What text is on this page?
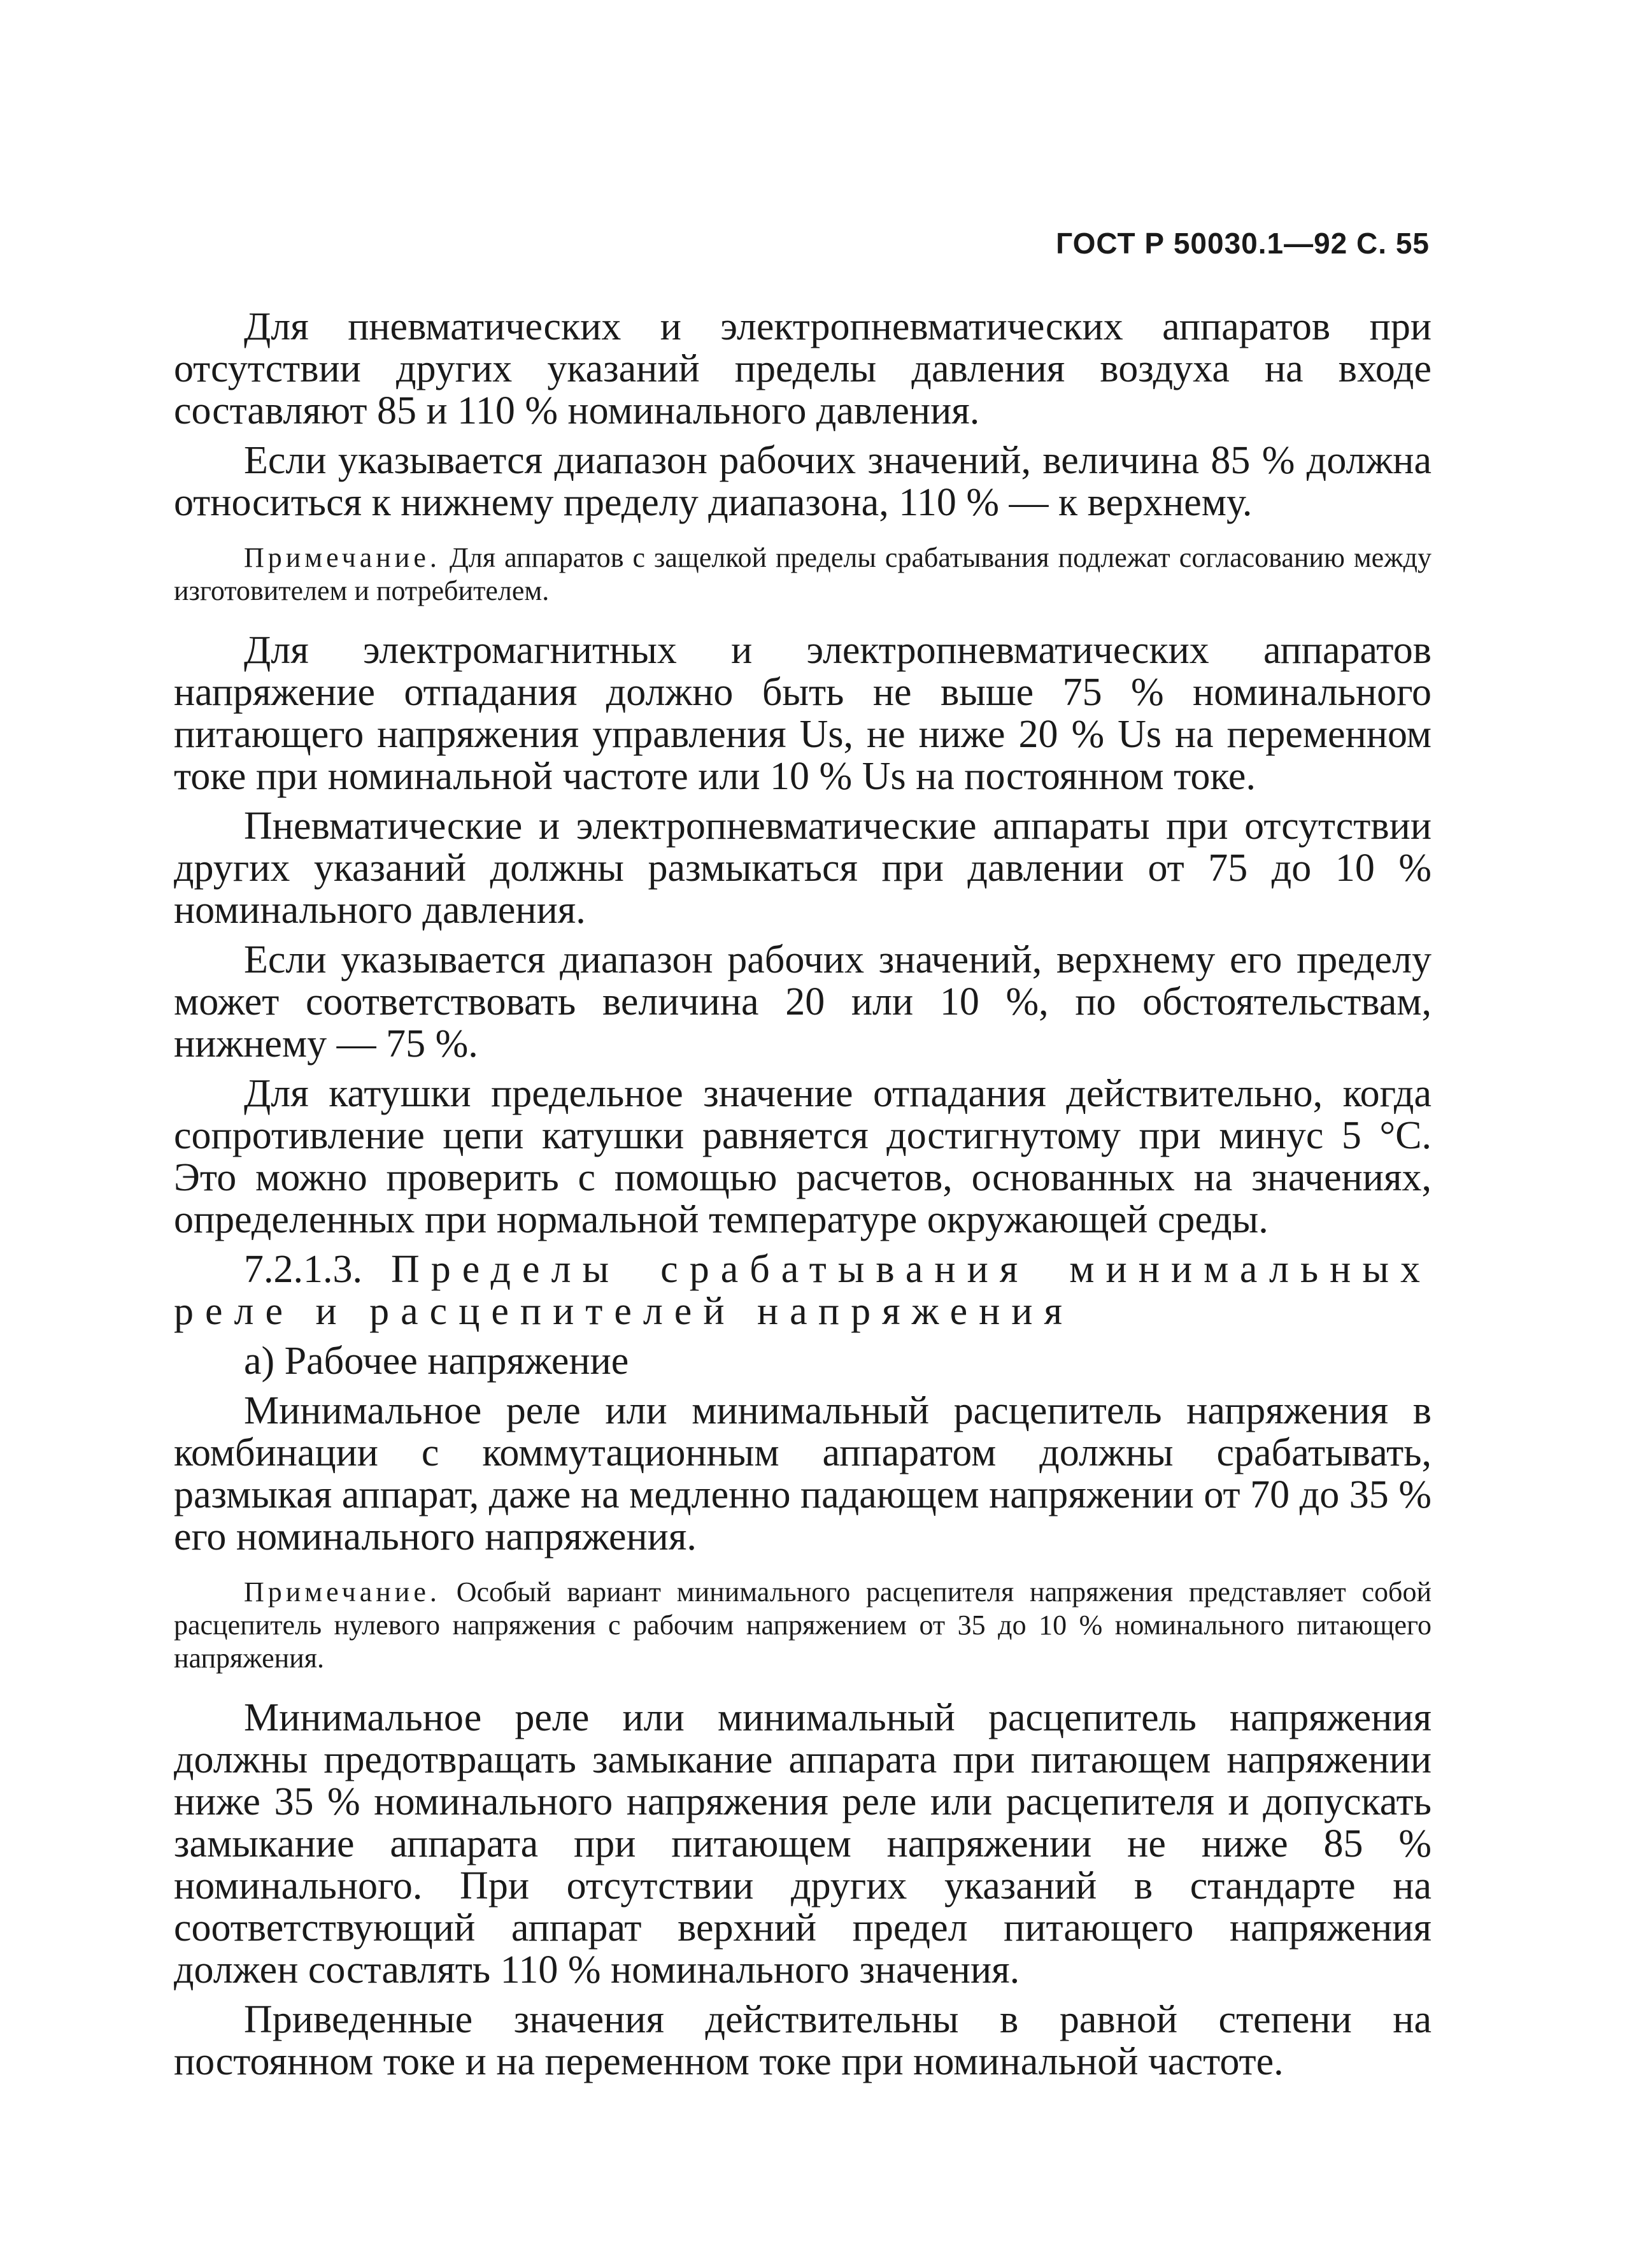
ГОСТ Р 50030.1—92 С. 55

Для пневматических и электропневматических аппаратов при отсутствии других указаний пределы давления воздуха на входе составляют 85 и 110 % номинального давления.

Если указывается диапазон рабочих значений, величина 85 % должна относиться к нижнему пределу диапазона, 110 % — к верхнему.

Примечание. Для аппаратов с защелкой пределы срабатывания подлежат согласованию между изготовителем и потребителем.

Для электромагнитных и электропневматических аппаратов напряжение отпадания должно быть не выше 75 % номинального питающего напряжения управления Us, не ниже 20 % Us на переменном токе при номинальной частоте или 10 % Us на постоянном токе.

Пневматические и электропневматические аппараты при отсутствии других указаний должны размыкаться при давлении от 75 до 10 % номинального давления.

Если указывается диапазон рабочих значений, верхнему его пределу может соответствовать величина 20 или 10 %, по обстоятельствам, нижнему — 75 %.

Для катушки предельное значение отпадания действительно, когда сопротивление цепи катушки равняется достигнутому при минус 5 °С. Это можно проверить с помощью расчетов, основанных на значениях, определенных при нормальной температуре окружающей среды.

7.2.1.3. Пределы срабатывания минимальных реле и расцепителей напряжения

а) Рабочее напряжение

Минимальное реле или минимальный расцепитель напряжения в комбинации с коммутационным аппаратом должны срабатывать, размыкая аппарат, даже на медленно падающем напряжении от 70 до 35 % его номинального напряжения.

Примечание. Особый вариант минимального расцепителя напряжения представляет собой расцепитель нулевого напряжения с рабочим напряжением от 35 до 10 % номинального питающего напряжения.

Минимальное реле или минимальный расцепитель напряжения должны предотвращать замыкание аппарата при питающем напряжении ниже 35 % номинального напряжения реле или расцепителя и допускать замыкание аппарата при питающем напряжении не ниже 85 % номинального. При отсутствии других указаний в стандарте на соответствующий аппарат верхний предел питающего напряжения должен составлять 110 % номинального значения.

Приведенные значения действительны в равной степени на постоянном токе и на переменном токе при номинальной частоте.
